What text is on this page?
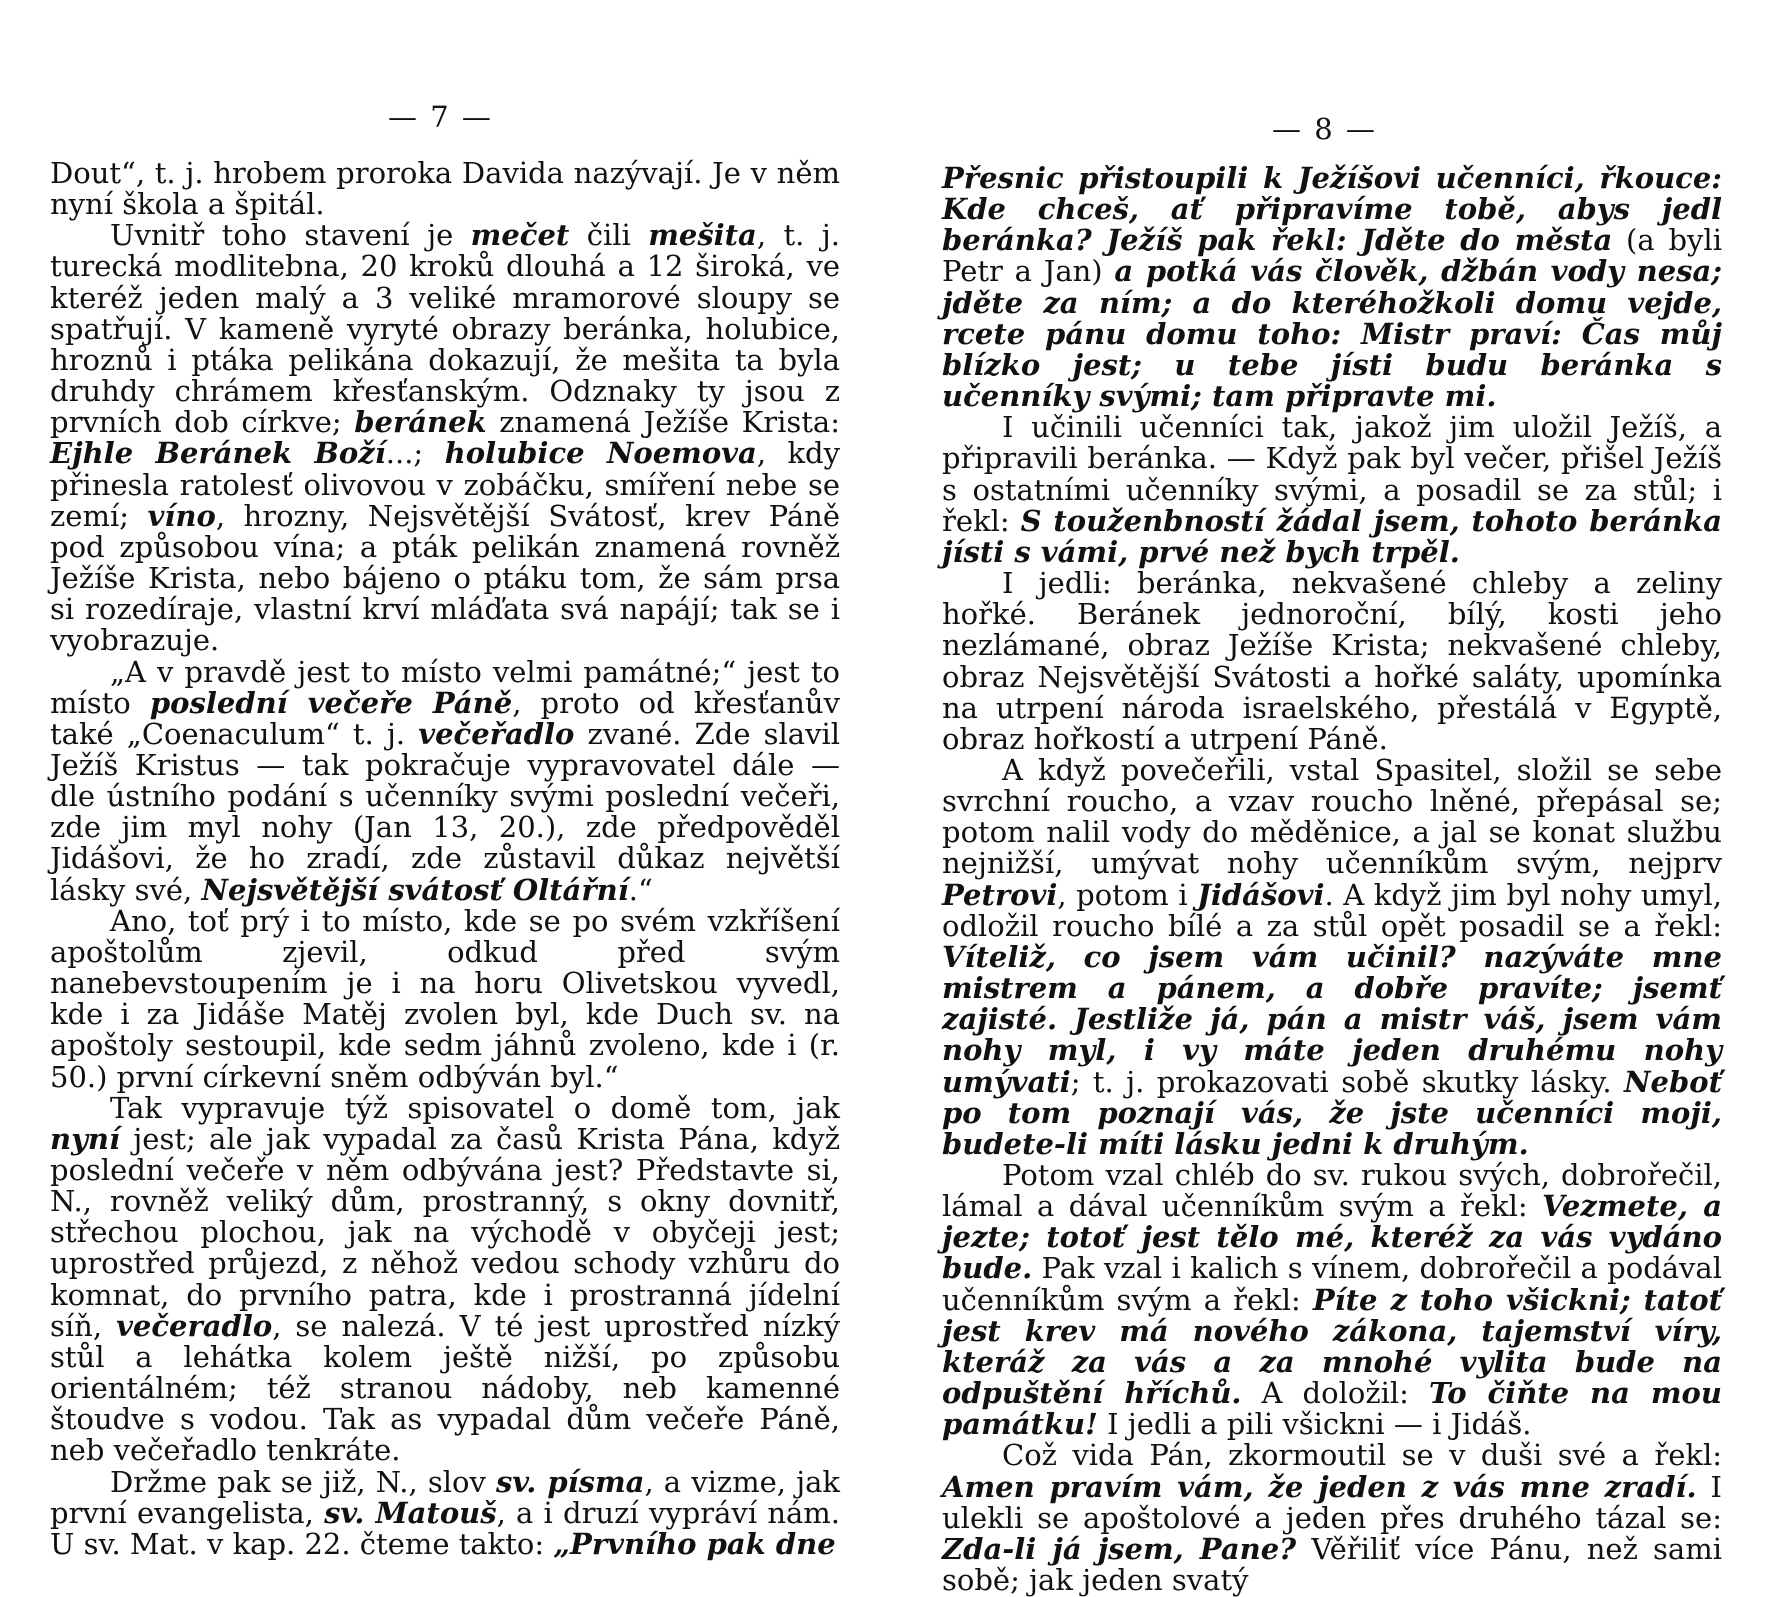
— 7 —

Dout“, t. j. hrobem proroka Davida nazývají. Je v něm nyní škola a špitál.

Uvnitř toho stavení je mečet čili mešita, t. j. turecká modlitebna, 20 kroků dlouhá a 12 široká, ve kteréž jeden malý a 3 veliké mramorové sloupy se spatřují. V kameně vyryté obrazy beránka, holubice, hroznů i ptáka pelikána dokazují, že mešita ta byla druhdy chrámem křesťanským. Odznaky ty jsou z prvních dob církve; beránek znamená Ježíše Krista: Ejhle Beránek Boží...; holubice Noemova, kdy přinesla ratolesť olivovou v zobáčku, smíření nebe se zemí; víno, hrozny, Nejsvětější Svátosť, krev Páně pod způsobou vína; a pták pelikán znamená rovněž Ježíše Krista, nebo bájeno o ptáku tom, že sám prsa si rozedíraje, vlastní krví mláďata svá napájí; tak se i vyobrazuje.

„A v pravdě jest to místo velmi památné;“ jest to místo poslední večeře Páně, proto od křesťanův také „Coenaculum“ t. j. večeřadlo zvané. Zde slavil Ježíš Kristus — tak pokračuje vypravovatel dále — dle ústního podání s učenníky svými poslední večeři, zde jim myl nohy (Jan 13, 20.), zde předpověděl Jidášovi, že ho zradí, zde zůstavil důkaz největší lásky své, Nejsvětější svátosť Oltářní.“

Ano, toť prý i to místo, kde se po svém vzkříšení apoštolům zjevil, odkud před svým nanebevstoupením je i na horu Olivetskou vyvedl, kde i za Jidáše Matěj zvolen byl, kde Duch sv. na apoštoly sestoupil, kde sedm jáhnů zvoleno, kde i (r. 50.) první církevní sněm odbýván byl.“

Tak vypravuje týž spisovatel o domě tom, jak nyní jest; ale jak vypadal za časů Krista Pána, když poslední večeře v něm odbývána jest? Představte si, N., rovněž veliký dům, prostranný, s okny dovnitř, střechou plochou, jak na východě v obyčeji jest; uprostřed průjezd, z něhož vedou schody vzhůru do komnat, do prvního patra, kde i prostranná jídelní síň, večeradlo, se nalezá. V té jest uprostřed nízký stůl a lehátka kolem ještě nižší, po způsobu orientálném; též stranou nádoby, neb kamenné štoudve s vodou. Tak as vypadal dům večeře Páně, neb večeřadlo tenkráte.

Držme pak se již, N., slov sv. písma, a vizme, jak první evangelista, sv. Matouš, a i druzí vypráví nám. U sv. Mat. v kap. 22. čteme takto: „Prvního pak dne

— 8 —

Přesnic přistoupili k Ježíšovi učenníci, řkouce: Kde chceš, ať připravíme tobě, abys jedl beránka? Ježíš pak řekl: Jděte do města (a byli Petr a Jan) a potká vás člověk, džbán vody nesa; jděte za ním; a do kteréhožkoli domu vejde, rcete pánu domu toho: Mistr praví: Čas můj blízko jest; u tebe jísti budu beránka s učenníky svými; tam připravte mi.

I učinili učenníci tak, jakož jim uložil Ježíš, a připravili beránka. — Když pak byl večer, přišel Ježíš s ostatními učenníky svými, a posadil se za stůl; i řekl: S touženbností žádal jsem, tohoto beránka jísti s vámi, prvé než bych trpěl.

I jedli: beránka, nekvašené chleby a zeliny hořké. Beránek jednoroční, bílý, kosti jeho nezlámané, obraz Ježíše Krista; nekvašené chleby, obraz Nejsvětější Svátosti a hořké saláty, upomínka na utrpení národa israelského, přestálá v Egyptě, obraz hořkostí a utrpení Páně.

A když povečeřili, vstal Spasitel, složil se sebe svrchní roucho, a vzav roucho lněné, přepásal se; potom nalil vody do měděnice, a jal se konat službu nejnižší, umývat nohy učenníkům svým, nejprv Petrovi, potom i Jidášovi. A když jim byl nohy umyl, odložil roucho bílé a za stůl opět posadil se a řekl: Víteliž, co jsem vám učinil? nazýváte mne mistrem a pánem, a dobře pravíte; jsemť zajisté. Jestliže já, pán a mistr váš, jsem vám nohy myl, i vy máte jeden druhému nohy umývati; t. j. prokazovati sobě skutky lásky. Neboť po tom poznají vás, že jste učenníci moji, budete-li míti lásku jedni k druhým.

Potom vzal chléb do sv. rukou svých, dobrořečil, lámal a dával učenníkům svým a řekl: Vezmete, a jezte; totoť jest tělo mé, kteréž za vás vydáno bude. Pak vzal i kalich s vínem, dobrořečil a podával učenníkům svým a řekl: Píte z toho všickni; tatoť jest krev má nového zákona, tajemství víry, kteráž za vás a za mnohé vylita bude na odpuštění hříchů. A doložil: To čiňte na mou památku! I jedli a pili všickni — i Jidáš.

Což vida Pán, zkormoutil se v duši své a řekl: Amen pravím vám, že jeden z vás mne zradí. I ulekli se apoštolové a jeden přes druhého tázal se: Zda-li já jsem, Pane? Věřiliť více Pánu, než sami sobě; jak jeden svatý
